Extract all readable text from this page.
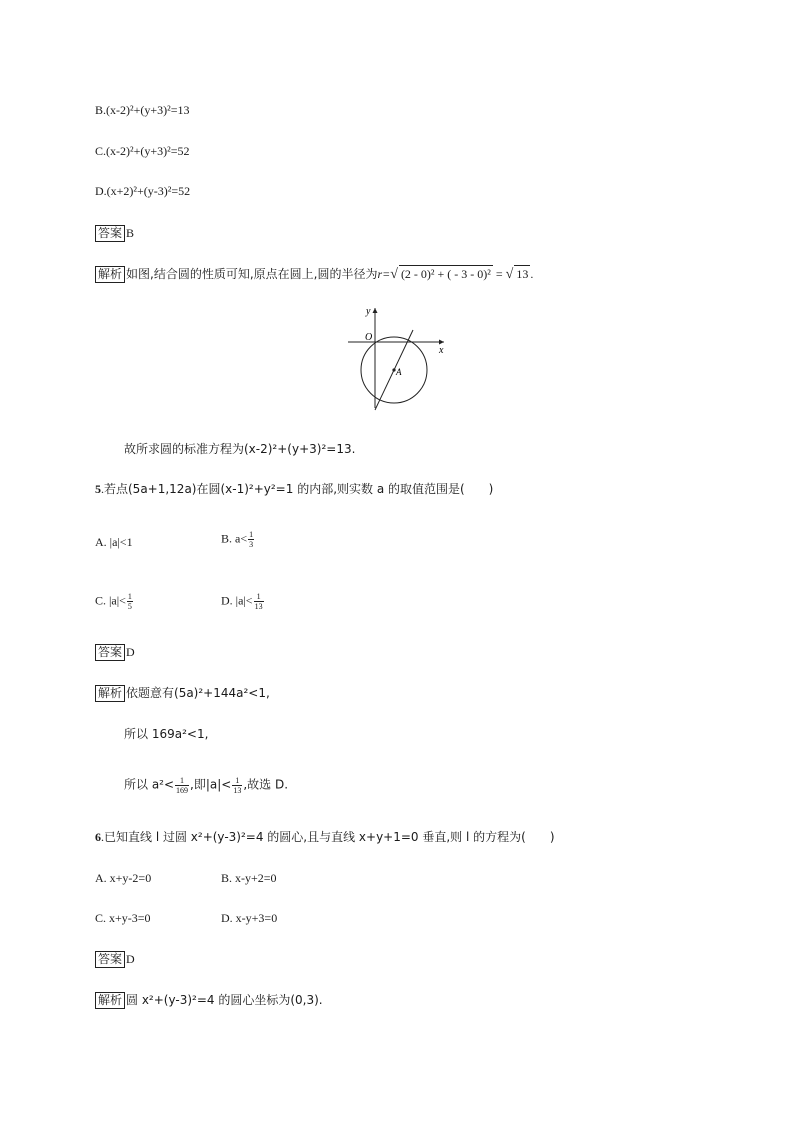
B.(x-2)²+(y+3)²=13
C.(x-2)²+(y+3)²=52
D.(x+2)²+(y-3)²=52
答案 B
解析 如图,结合圆的性质可知,原点在圆上,圆的半径为r=√ (2 - 0)² + ( - 3 - 0)² = √ 13 .
x
y
O
A
故所求圆的标准方程为(x-2)²+(y+3)²=13.
5.若点(5a+1,12a)在圆(x-1)²+y²=1 的内部,则实数 a 的取值范围是(　　)
A. |a|<1	B. $a< \frac{1}{3}$
C. $|a|< \frac{1}{5}$	D. $|a|< \frac{1}{13}$
答案 D
解析 依题意有(5a)²+144a²<1,
所以 169a²<1,
所以 $a^2< \frac{1}{169}$ ,即$|a|< \frac{1}{13}$ ,故选 D.
6.已知直线 l 过圆 x²+(y-3)²=4 的圆心,且与直线 x+y+1=0 垂直,则 l 的方程为(　　)
A. x+y-2=0	B. x-y+2=0
C. x+y-3=0	D. x-y+3=0
答案 D
解析 圆 x²+(y-3)²=4 的圆心坐标为(0,3).
